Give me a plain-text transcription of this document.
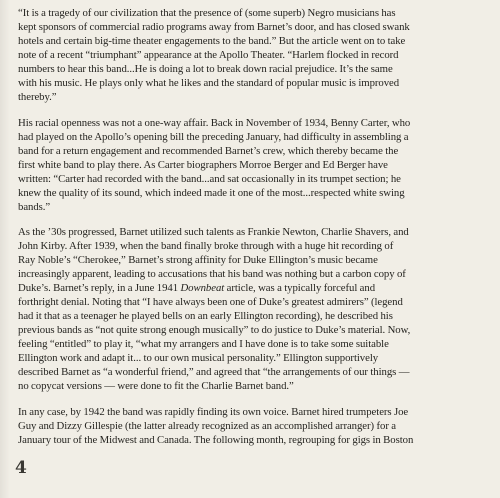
“It is a tragedy of our civilization that the presence of (some superb) Negro musicians has
kept sponsors of commercial radio programs away from Barnet’s door, and has closed swank
hotels and certain big-time theater engagements to the band.” But the article went on to take
note of a recent “triumphant” appearance at the Apollo Theater. “Harlem flocked in record
numbers to hear this band...He is doing a lot to break down racial prejudice. It’s the same
with his music. He plays only what he likes and the standard of popular music is improved
thereby.”

His racial openness was not a one-way affair. Back in November of 1934, Benny Carter, who
had played on the Apollo’s opening bill the preceding January, had difficulty in assembling a
band for a return engagement and recommended Barnet’s crew, which thereby became the
first white band to play there. As Carter biographers Morroe Berger and Ed Berger have
written: “Carter had recorded with the band...and sat occasionally in its trumpet section; he
knew the quality of its sound, which indeed made it one of the most...respected white swing
bands.”

As the ’30s progressed, Barnet utilized such talents as Frankie Newton, Charlie Shavers, and
John Kirby. After 1939, when the band finally broke through with a huge hit recording of
Ray Noble’s “Cherokee,” Barnet’s strong affinity for Duke Ellington’s music became
increasingly apparent, leading to accusations that his band was nothing but a carbon copy of
Duke’s. Barnet’s reply, in a June 1941 Downbeat article, was a typically forceful and
forthright denial. Noting that “I have always been one of Duke’s greatest admirers” (legend
had it that as a teenager he played bells on an early Ellington recording), he described his
previous bands as “not quite strong enough musically” to do justice to Duke’s material. Now,
feeling “entitled” to play it, “what my arrangers and I have done is to take some suitable
Ellington work and adapt it... to our own musical personality.” Ellington supportively
described Barnet as “a wonderful friend,” and agreed that “the arrangements of our things —
no copycat versions — were done to fit the Charlie Barnet band.”

In any case, by 1942 the band was rapidly finding its own voice. Barnet hired trumpeters Joe
Guy and Dizzy Gillespie (the latter already recognized as an accomplished arranger) for a
January tour of the Midwest and Canada. The following month, regrouping for gigs in Boston

4
